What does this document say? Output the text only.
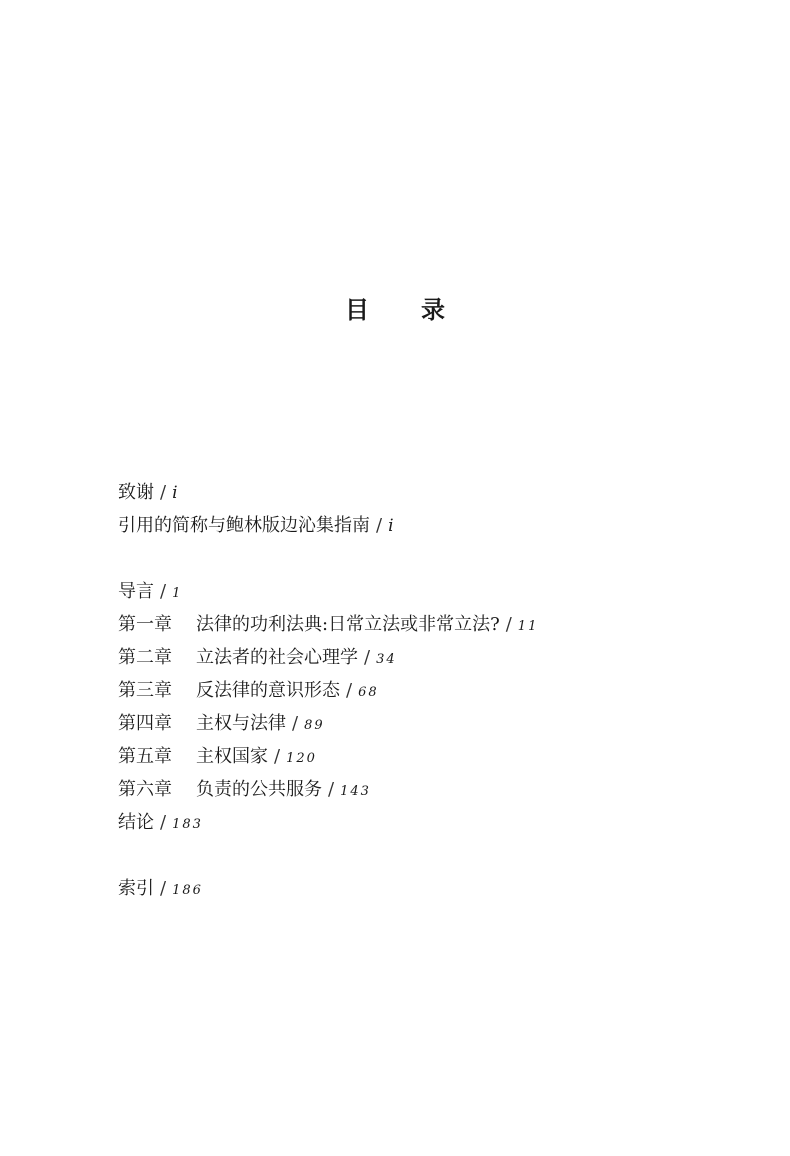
目 录
致谢 / i
引用的简称与鲍林版边沁集指南 / i
导言 / 1
第一章 法律的功利法典:日常立法或非常立法? / 11
第二章 立法者的社会心理学 / 34
第三章 反法律的意识形态 / 68
第四章 主权与法律 / 89
第五章 主权国家 / 120
第六章 负责的公共服务 / 143
结论 / 183
索引 / 186
